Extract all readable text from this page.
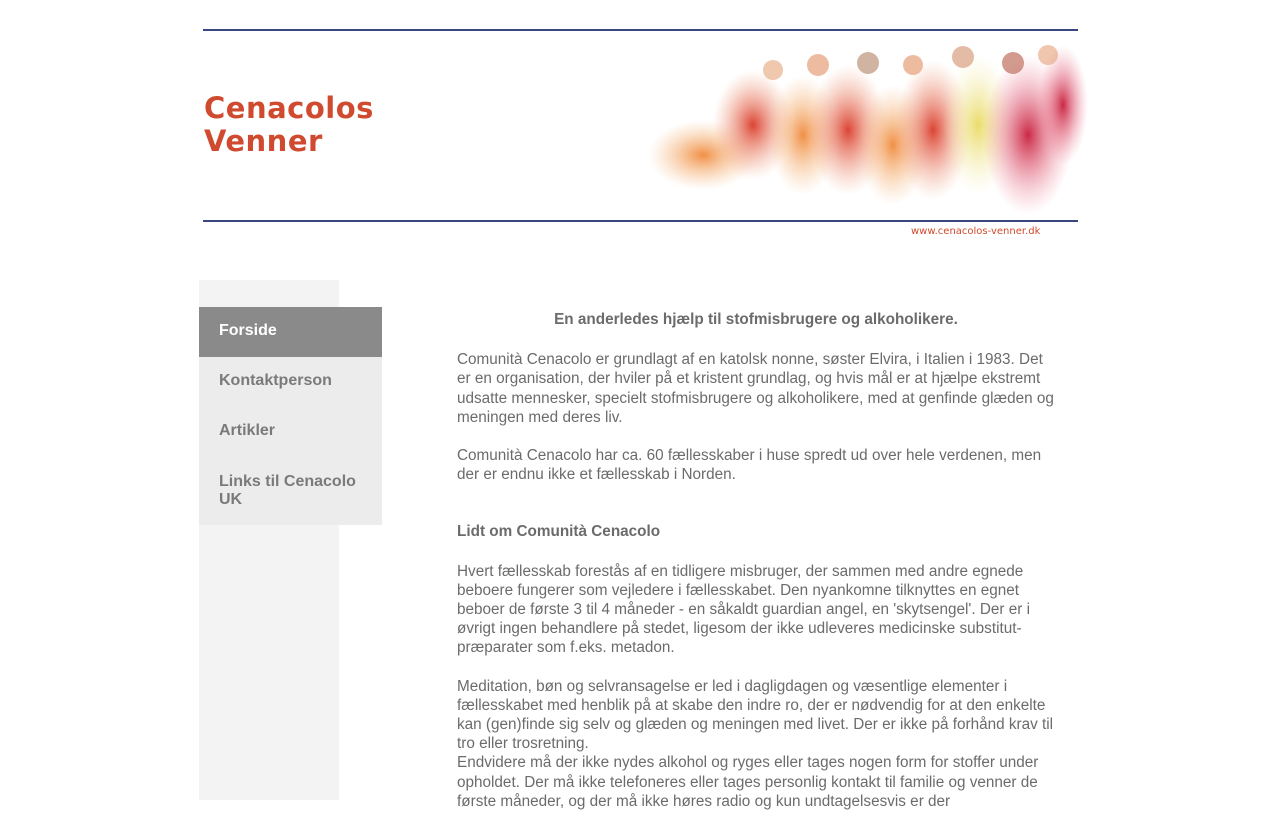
Cenacolos
Venner
www.cenacolos-venner.dk
Forside
Kontaktperson
Artikler
Links til Cenacolo UK

En anderledes hjælp til stofmisbrugere og alkoholikere.

Comunità Cenacolo er grundlagt af en katolsk nonne, søster Elvira, i Italien i 1983. Det er en organisation, der hviler på et kristent grundlag, og hvis mål er at hjælpe ekstremt udsatte mennesker, specielt stofmisbrugere og alkoholikere, med at genfinde glæden og meningen med deres liv.

Comunità Cenacolo har ca. 60 fællesskaber i huse spredt ud over hele verdenen, men der er endnu ikke et fællesskab i Norden.

Lidt om Comunità Cenacolo

Hvert fællesskab forestås af en tidligere misbruger, der sammen med andre egnede beboere fungerer som vejledere i fællesskabet. Den nyankomne tilknyttes en egnet beboer de første 3 til 4 måneder - en såkaldt guardian angel, en 'skytsengel'. Der er i øvrigt ingen behandlere på stedet, ligesom der ikke udleveres medicinske substitut-præparater som f.eks. metadon.

Meditation, bøn og selvransagelse er led i dagligdagen og væsentlige elementer i fællesskabet med henblik på at skabe den indre ro, der er nødvendig for at den enkelte kan (gen)finde sig selv og glæden og meningen med livet. Der er ikke på forhånd krav til tro eller trosretning.

Endvidere må der ikke nydes alkohol og ryges eller tages nogen form for stoffer under opholdet. Der må ikke telefoneres eller tages personlig kontakt til familie og venner de første måneder, og der må ikke høres radio og kun undtagelsesvis er der
